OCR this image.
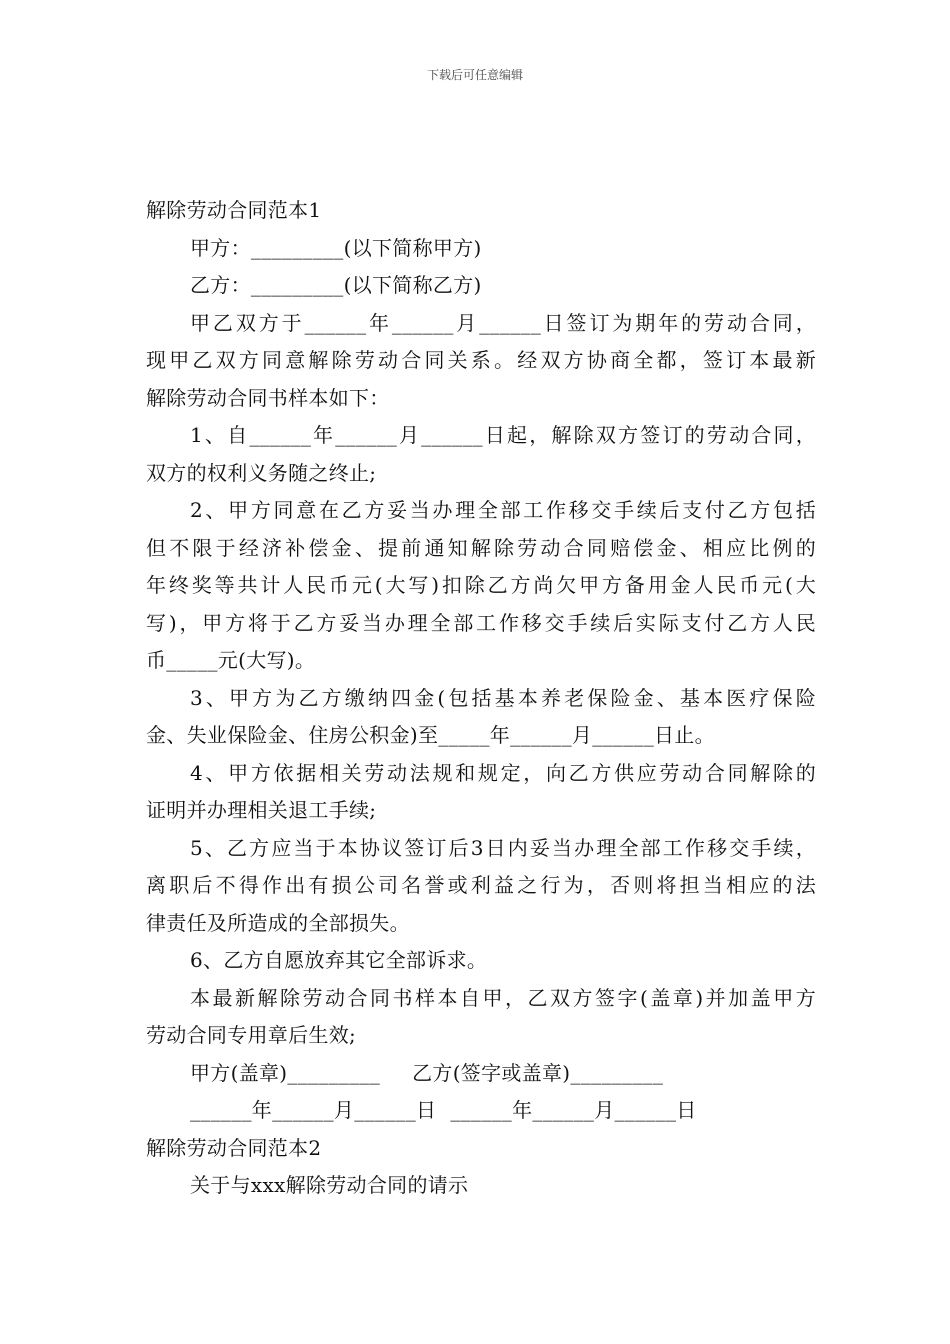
下载后可任意编辑
解除劳动合同范本1
甲方：_________(以下简称甲方)
乙方：_________(以下简称乙方)
甲乙双方于______年______月______日签订为期年的劳动合同，
现甲乙双方同意解除劳动合同关系。经双方协商全都，签订本最新
解除劳动合同书样本如下：
1、自______年______月______日起，解除双方签订的劳动合同，
双方的权利义务随之终止;
2、甲方同意在乙方妥当办理全部工作移交手续后支付乙方包括
但不限于经济补偿金、提前通知解除劳动合同赔偿金、相应比例的
年终奖等共计人民币元(大写)扣除乙方尚欠甲方备用金人民币元(大
写)，甲方将于乙方妥当办理全部工作移交手续后实际支付乙方人民
币_____元(大写)。
3、甲方为乙方缴纳四金(包括基本养老保险金、基本医疗保险
金、失业保险金、住房公积金)至_____年______月______日止。
4、甲方依据相关劳动法规和规定，向乙方供应劳动合同解除的
证明并办理相关退工手续;
5、乙方应当于本协议签订后3日内妥当办理全部工作移交手续，
离职后不得作出有损公司名誉或利益之行为，否则将担当相应的法
律责任及所造成的全部损失。
6、乙方自愿放弃其它全部诉求。
本最新解除劳动合同书样本自甲，乙双方签字(盖章)并加盖甲方
劳动合同专用章后生效;
甲方(盖章)_________ 乙方(签字或盖章)_________
______年______月______日 ______年______月______日
解除劳动合同范本2
关于与xxx解除劳动合同的请示
